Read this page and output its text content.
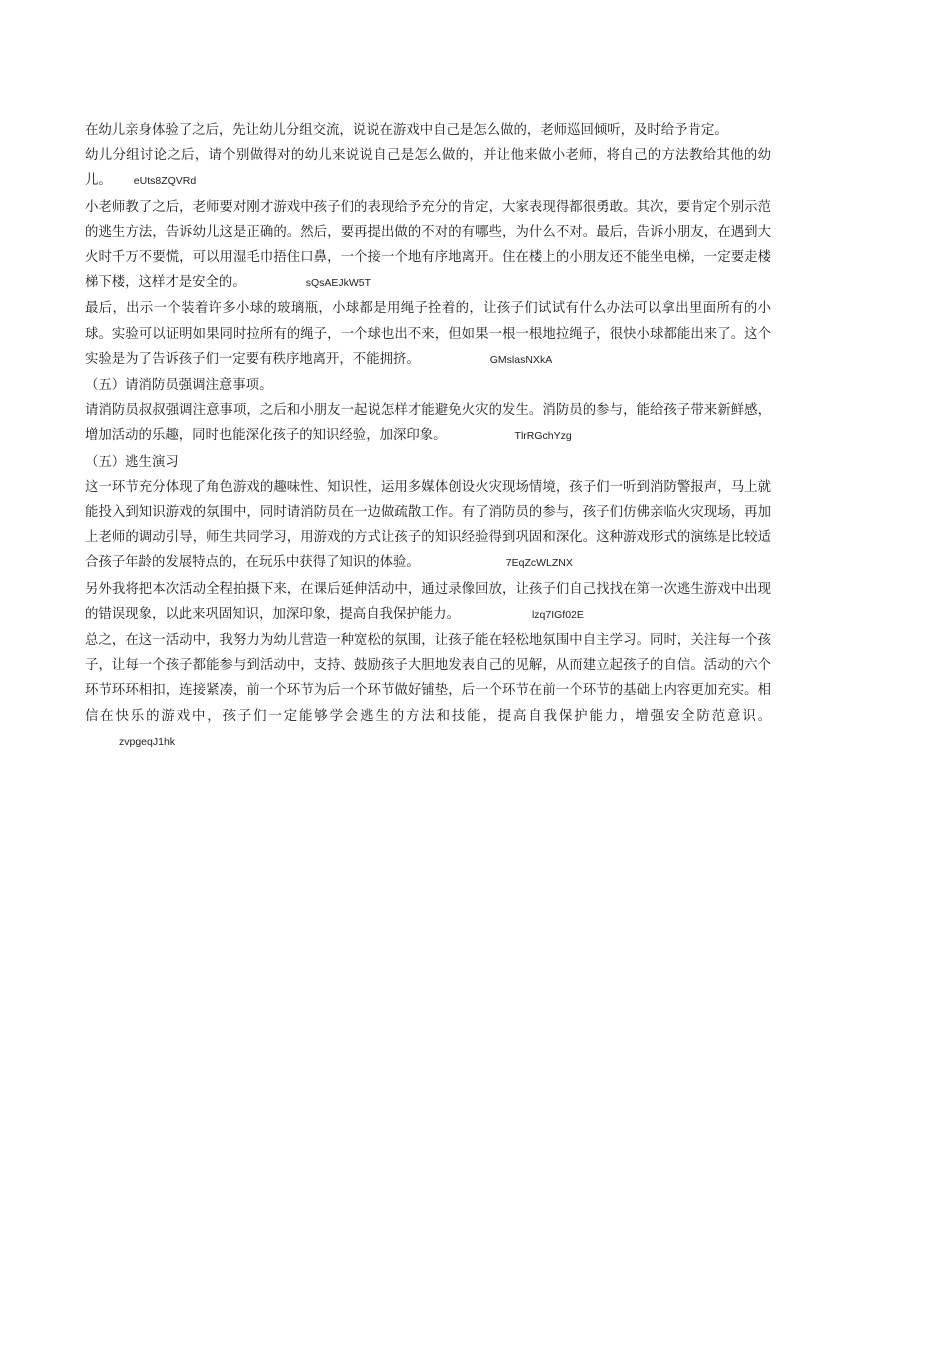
在幼儿亲身体验了之后，先让幼儿分组交流，说说在游戏中自己是怎么做的，老师巡回倾听，及时给予肯定。

幼儿分组讨论之后，请个别做得对的幼儿来说说自己是怎么做的，并让他来做小老师，将自己的方法教给其他的幼儿。 eUts8ZQVRd

小老师教了之后，老师要对刚才游戏中孩子们的表现给予充分的肯定，大家表现得都很勇敢。其次，要肯定个别示范的逃生方法，告诉幼儿这是正确的。然后，要再提出做的不对的有哪些，为什么不对。最后，告诉小朋友，在遇到大火时千万不要慌，可以用湿毛巾捂住口鼻，一个接一个地有序地离开。住在楼上的小朋友还不能坐电梯，一定要走楼梯下楼，这样才是安全的。	sQsAEJkW5T

最后，出示一个装着许多小球的玻璃瓶，小球都是用绳子拴着的，让孩子们试试有什么办法可以拿出里面所有的小球。实验可以证明如果同时拉所有的绳子，一个球也出不来，但如果一根一根地拉绳子，很快小球都能出来了。这个实验是为了告诉孩子们一定要有秩序地离开，不能拥挤。	GMslasNXkA

（五）请消防员强调注意事项。

请消防员叔叔强调注意事项，之后和小朋友一起说怎样才能避免火灾的发生。消防员的参与，能给孩子带来新鲜感，增加活动的乐趣，同时也能深化孩子的知识经验，加深印象。	TlrRGchYzg

（五）逃生演习

这一环节充分体现了角色游戏的趣味性、知识性，运用多媒体创设火灾现场情境，孩子们一听到消防警报声，马上就能投入到知识游戏的氛围中，同时请消防员在一边做疏散工作。有了消防员的参与，孩子们仿佛亲临火灾现场，再加上老师的调动引导，师生共同学习，用游戏的方式让孩子的知识经验得到巩固和深化。这种游戏形式的演练是比较适合孩子年龄的发展特点的，在玩乐中获得了知识的体验。	7EqZcWLZNX

另外我将把本次活动全程拍摄下来，在课后延伸活动中，通过录像回放，让孩子们自己找找在第一次逃生游戏中出现的错误现象，以此来巩固知识，加深印象，提高自我保护能力。	lzq7IGf02E

总之，在这一活动中，我努力为幼儿营造一种宽松的氛围，让孩子能在轻松地氛围中自主学习。同时，关注每一个孩子，让每一个孩子都能参与到活动中，支持、鼓励孩子大胆地发表自己的见解，从而建立起孩子的自信。活动的六个环节环环相扣，连接紧凑，前一个环节为后一个环节做好铺垫，后一个环节在前一个环节的基础上内容更加充实。相信在快乐的游戏中，孩子们一定能够学会逃生的方法和技能，提高自我保护能力，增强安全防范意识。zvpgeqJ1hk
